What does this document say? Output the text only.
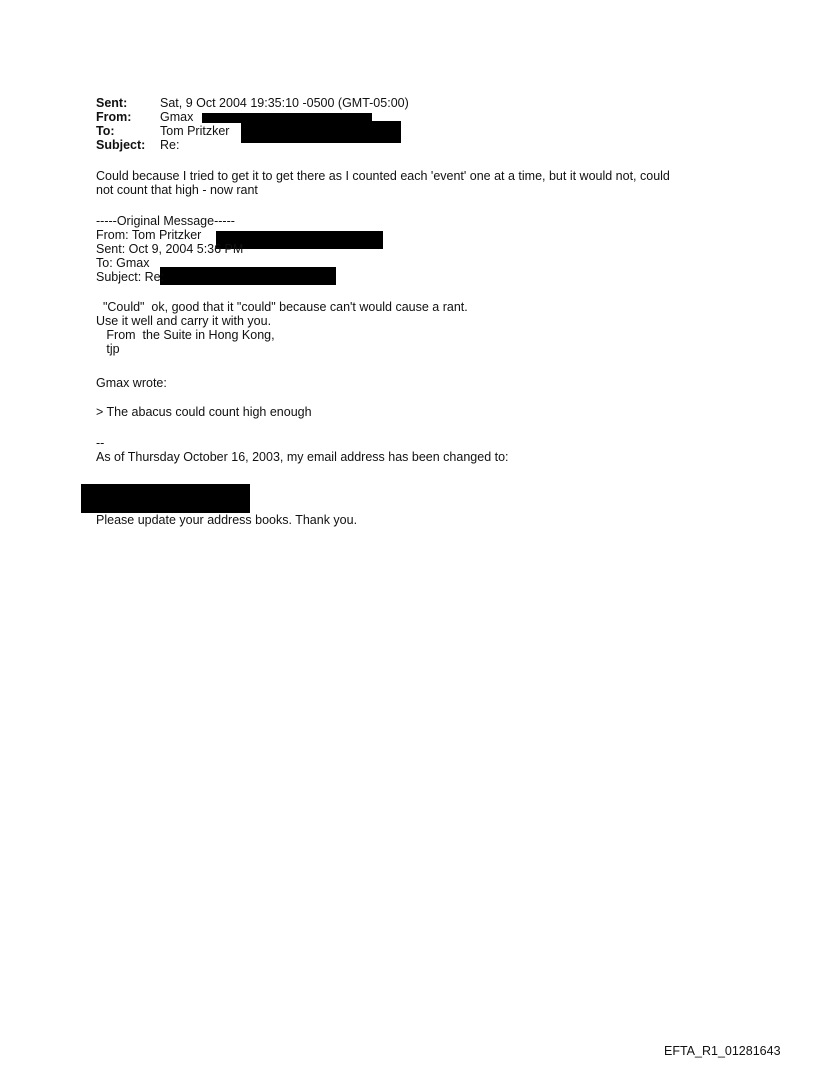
Sent:	Sat, 9 Oct 2004 19:35:10 -0500 (GMT-05:00)
From: Gmax
To:	Tom Pritzker
Subject: Re:
Could because I tried to get it to get there as I counted each 'event' one at a time, but it would not, could
not count that high - now rant
-----Original Message-----
From: Tom Pritzker
Sent: Oct 9, 2004 5:36 PM
To: Gmax
Subject: Re:
"Could"  ok, good that it "could" because can't would cause a rant.
Use it well and carry it with you.
From  the Suite in Hong Kong,
tjp
Gmax wrote:
> The abacus could count high enough
--
As of Thursday October 16, 2003, my email address has been changed to:
Please update your address books. Thank you.
EFTA_R1_01281643
